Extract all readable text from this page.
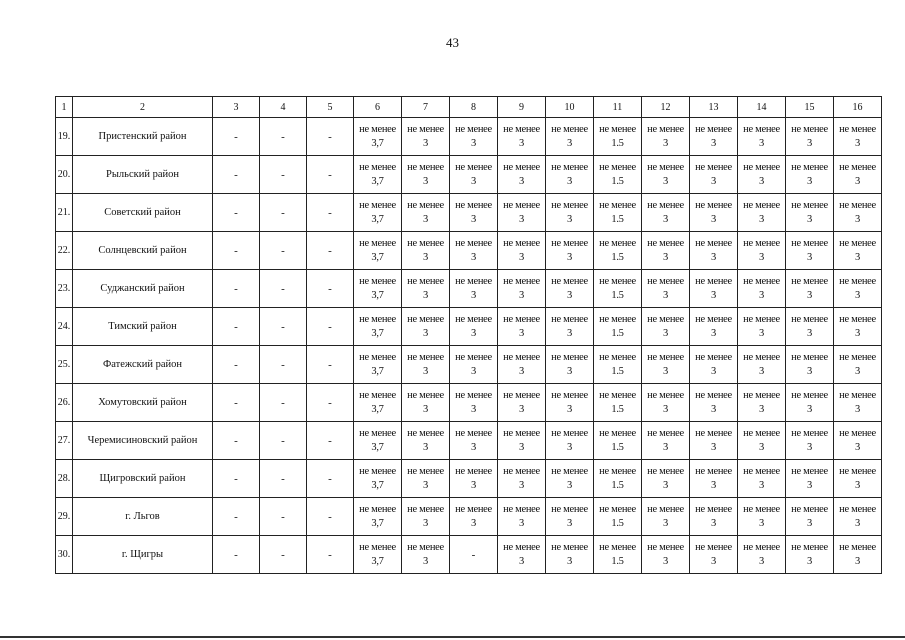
43
1	2	3	4	5	6	7	8	9	10	11	12	13	14	15	16
19.	Пристенский район	-	-	-	не менее
3,7	не менее
3	не менее
3	не менее
3	не менее
3	не менее
1.5	не менее
3	не менее
3	не менее
3	не менее
3	не менее
3

20.	Рыльский район	-	-	-	не менее
3,7	не менее
3	не менее
3	не менее
3	не менее
3	не менее
1.5	не менее
3	не менее
3	не менее
3	не менее
3	не менее
3

21.	Советский район	-	-	-	не менее
3,7	не менее
3	не менее
3	не менее
3	не менее
3	не менее
1.5	не менее
3	не менее
3	не менее
3	не менее
3	не менее
3

22.	Солнцевский район	-	-	-	не менее
3,7	не менее
3	не менее
3	не менее
3	не менее
3	не менее
1.5	не менее
3	не менее
3	не менее
3	не менее
3	не менее
3

23.	Суджанский район	-	-	-	не менее
3,7	не менее
3	не менее
3	не менее
3	не менее
3	не менее
1.5	не менее
3	не менее
3	не менее
3	не менее
3	не менее
3

24.	Тимский район	-	-	-	не менее
3,7	не менее
3	не менее
3	не менее
3	не менее
3	не менее
1.5	не менее
3	не менее
3	не менее
3	не менее
3	не менее
3

25.	Фатежский район	-	-	-	не менее
3,7	не менее
3	не менее
3	не менее
3	не менее
3	не менее
1.5	не менее
3	не менее
3	не менее
3	не менее
3	не менее
3

26.	Хомутовский район	-	-	-	не менее
3,7	не менее
3	не менее
3	не менее
3	не менее
3	не менее
1.5	не менее
3	не менее
3	не менее
3	не менее
3	не менее
3

27.	Черемисиновский район	-	-	-	не менее
3,7	не менее
3	не менее
3	не менее
3	не менее
3	не менее
1.5	не менее
3	не менее
3	не менее
3	не менее
3	не менее
3

28.	Щигровский район	-	-	-	не менее
3,7	не менее
3	не менее
3	не менее
3	не менее
3	не менее
1.5	не менее
3	не менее
3	не менее
3	не менее
3	не менее
3

29.	г. Льгов	-	-	-	не менее
3,7	не менее
3	не менее
3	не менее
3	не менее
3	не менее
1.5	не менее
3	не менее
3	не менее
3	не менее
3	не менее
3

30.	г. Щигры	-	-	-	не менее
3,7	не менее
3	-	не менее
3	не менее
3	не менее
1.5	не менее
3	не менее
3	не менее
3	не менее
3	не менее
3
